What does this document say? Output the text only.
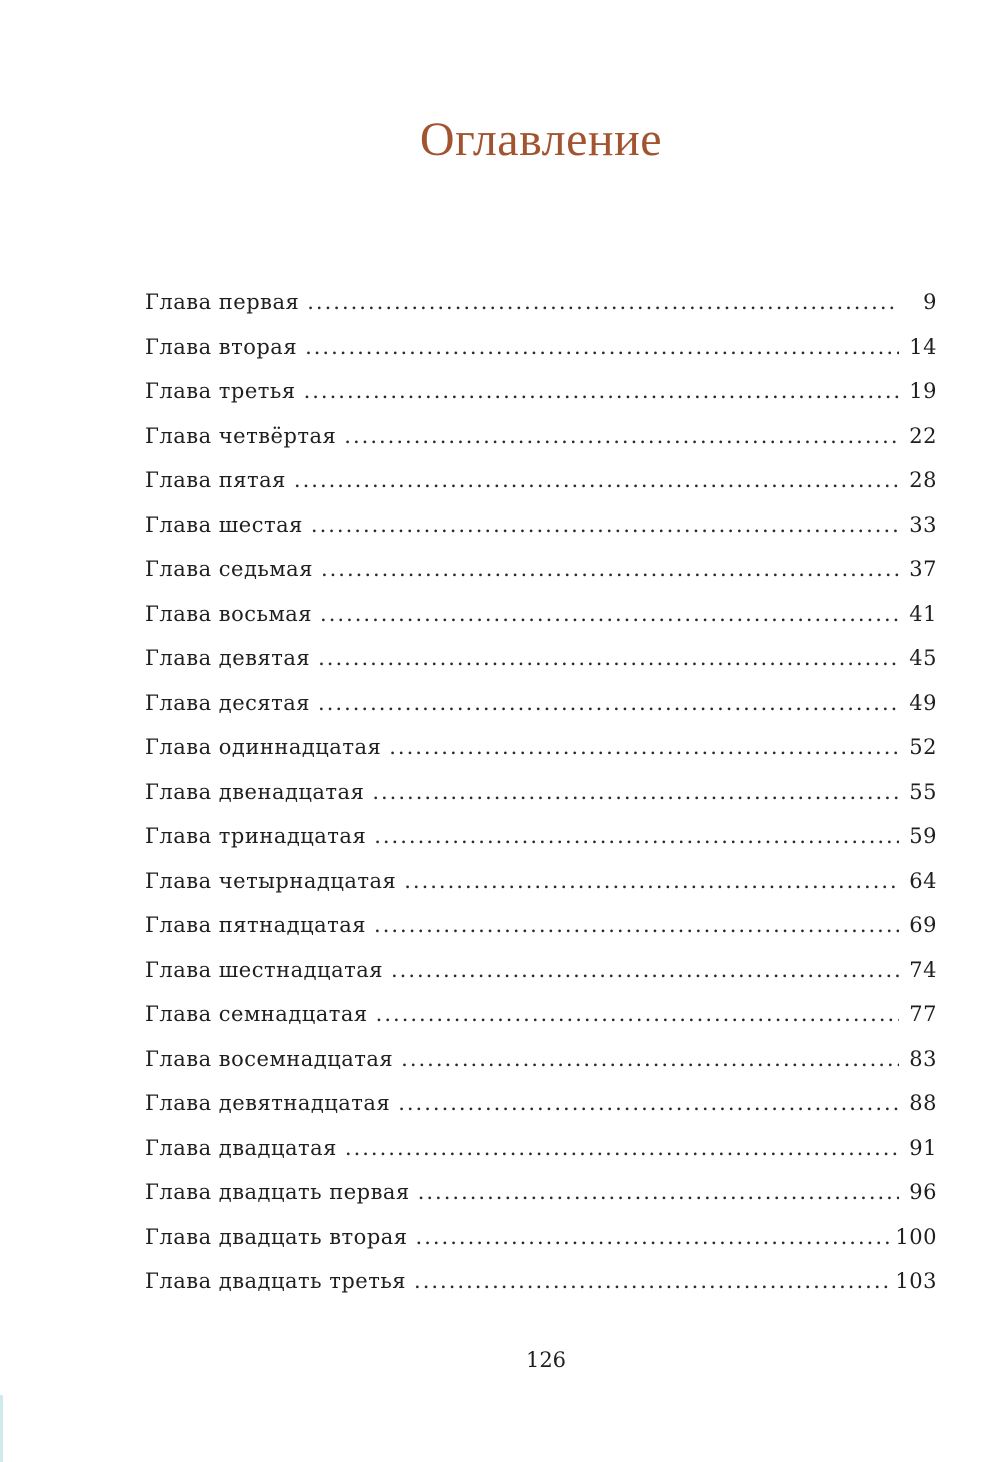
Оглавление
Глава первая .....	9
Глава вторая .....	14
Глава третья .....	19
Глава четвёртая .....	22
Глава пятая .....	28
Глава шестая .....	33
Глава седьмая .....	37
Глава восьмая .....	41
Глава девятая .....	45
Глава десятая .....	49
Глава одиннадцатая .....	52
Глава двенадцатая .....	55
Глава тринадцатая .....	59
Глава четырнадцатая .....	64
Глава пятнадцатая .....	69
Глава шестнадцатая .....	74
Глава семнадцатая .....	77
Глава восемнадцатая .....	83
Глава девятнадцатая .....	88
Глава двадцатая .....	91
Глава двадцать первая .....	96
Глава двадцать вторая .....	100
Глава двадцать третья .....	103
126
